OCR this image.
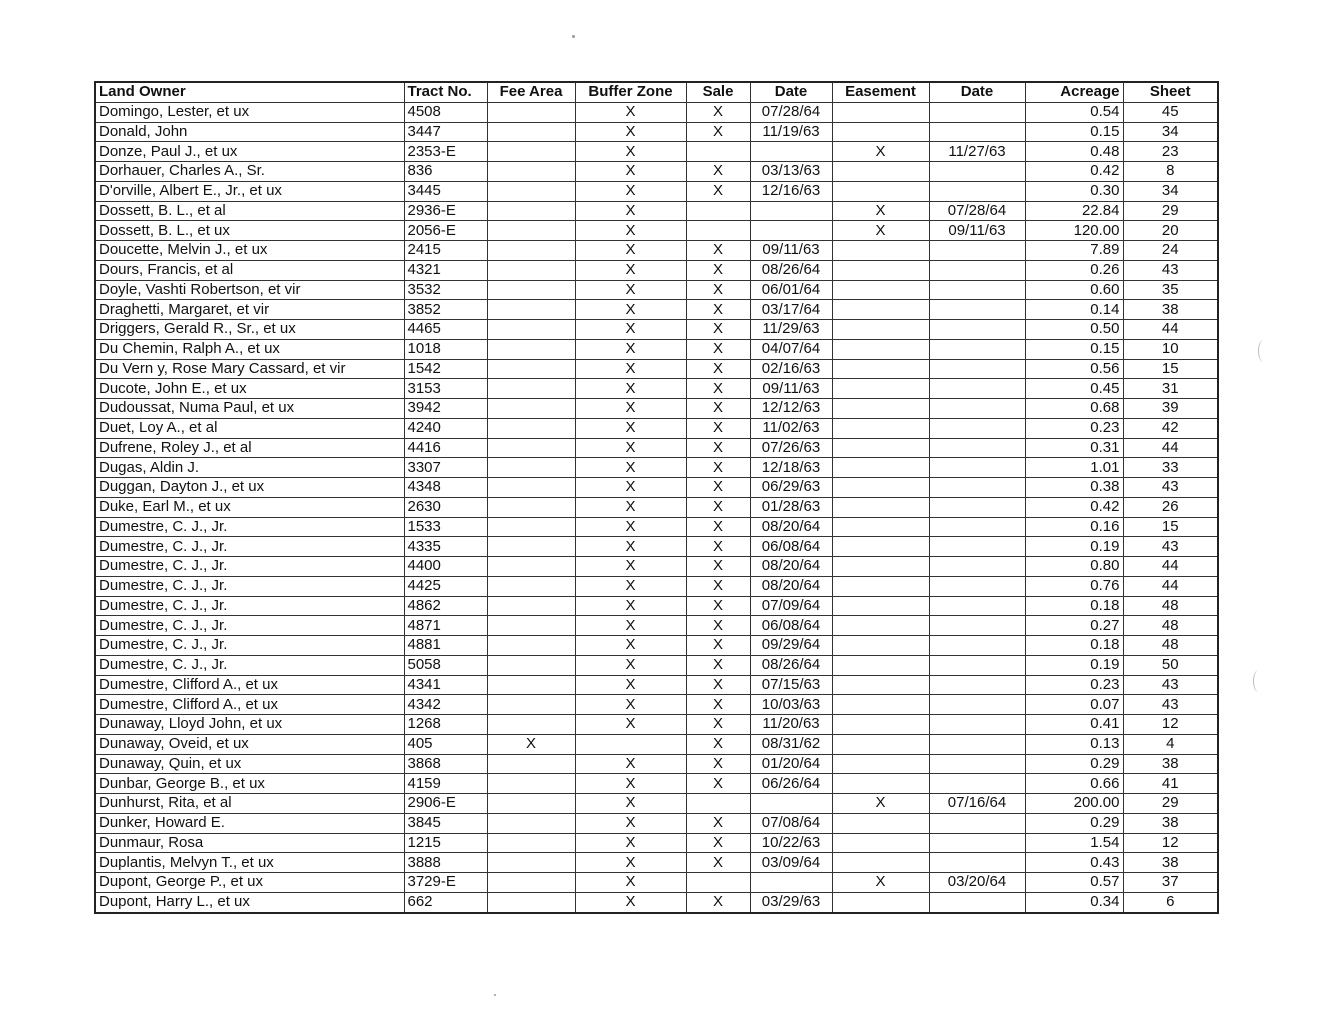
Land Owner	Tract No.	Fee Area	Buffer Zone	Sale	Date	Easement	Date	Acreage	Sheet
Domingo, Lester, et ux	4508		X	X	07/28/64			0.54	45
Donald, John	3447		X	X	11/19/63			0.15	34
Donze, Paul J., et ux	2353-E		X			X	11/27/63	0.48	23
Dorhauer, Charles A., Sr.	836		X	X	03/13/63			0.42	8
D'orville, Albert E., Jr., et ux	3445		X	X	12/16/63			0.30	34
Dossett, B. L., et al	2936-E		X			X	07/28/64	22.84	29
Dossett, B. L., et ux	2056-E		X			X	09/11/63	120.00	20
Doucette, Melvin J., et ux	2415		X	X	09/11/63			7.89	24
Dours, Francis, et al	4321		X	X	08/26/64			0.26	43
Doyle, Vashti Robertson, et vir	3532		X	X	06/01/64			0.60	35
Draghetti, Margaret, et vir	3852		X	X	03/17/64			0.14	38
Driggers, Gerald R., Sr., et ux	4465		X	X	11/29/63			0.50	44
Du Chemin, Ralph A., et ux	1018		X	X	04/07/64			0.15	10
Du Vern y, Rose Mary Cassard, et vir	1542		X	X	02/16/63			0.56	15
Ducote, John E., et ux	3153		X	X	09/11/63			0.45	31
Dudoussat, Numa Paul, et ux	3942		X	X	12/12/63			0.68	39
Duet, Loy A., et al	4240		X	X	11/02/63			0.23	42
Dufrene, Roley J., et al	4416		X	X	07/26/63			0.31	44
Dugas, Aldin J.	3307		X	X	12/18/63			1.01	33
Duggan, Dayton J., et ux	4348		X	X	06/29/63			0.38	43
Duke, Earl M., et ux	2630		X	X	01/28/63			0.42	26
Dumestre, C. J., Jr.	1533		X	X	08/20/64			0.16	15
Dumestre, C. J., Jr.	4335		X	X	06/08/64			0.19	43
Dumestre, C. J., Jr.	4400		X	X	08/20/64			0.80	44
Dumestre, C. J., Jr.	4425		X	X	08/20/64			0.76	44
Dumestre, C. J., Jr.	4862		X	X	07/09/64			0.18	48
Dumestre, C. J., Jr.	4871		X	X	06/08/64			0.27	48
Dumestre, C. J., Jr.	4881		X	X	09/29/64			0.18	48
Dumestre, C. J., Jr.	5058		X	X	08/26/64			0.19	50
Dumestre, Clifford A., et ux	4341		X	X	07/15/63			0.23	43
Dumestre, Clifford A., et ux	4342		X	X	10/03/63			0.07	43
Dunaway, Lloyd John, et ux	1268		X	X	11/20/63			0.41	12
Dunaway, Oveid, et ux	405	X		X	08/31/62			0.13	4
Dunaway, Quin, et ux	3868		X	X	01/20/64			0.29	38
Dunbar, George B., et ux	4159		X	X	06/26/64			0.66	41
Dunhurst, Rita, et al	2906-E		X			X	07/16/64	200.00	29
Dunker, Howard E.	3845		X	X	07/08/64			0.29	38
Dunmaur, Rosa	1215		X	X	10/22/63			1.54	12
Duplantis, Melvyn T., et ux	3888		X	X	03/09/64			0.43	38
Dupont, George P., et ux	3729-E		X			X	03/20/64	0.57	37
Dupont, Harry L., et ux	662		X	X	03/29/63			0.34	6
